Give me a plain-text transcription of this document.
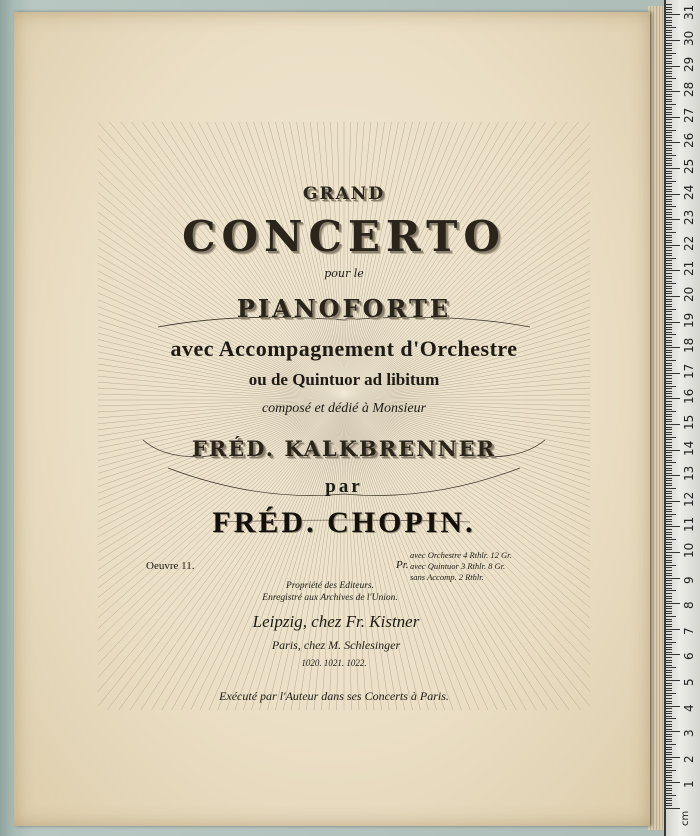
GRAND
CONCERTO
pour le
PIANOFORTE
avec Accompagnement d'Orchestre
ou de Quintuor ad libitum
composé et dédié à Monsieur
FRÉD. KALKBRENNER
par
FRÉD. CHOPIN.
Oeuvre 11.	Pr.
avec Orchestre 4 Rthlr. 12 Gr.
avec Quintuor 3 Rthlr. 8 Gr.
sans Accomp. 2 Rthlr.
Propriété des Editeurs.
Enregistré aux Archives de l'Union.
Leipzig, chez Fr. Kistner
Paris, chez M. Schlesinger
1020. 1021. 1022.
Exécuté par l'Auteur dans ses Concerts à Paris.
cm
1
2
3
4
5
6
7
8
9
10
11
12
13
14
15
16
17
18
19
20
21
22
23
24
25
26
27
28
29
30
31
